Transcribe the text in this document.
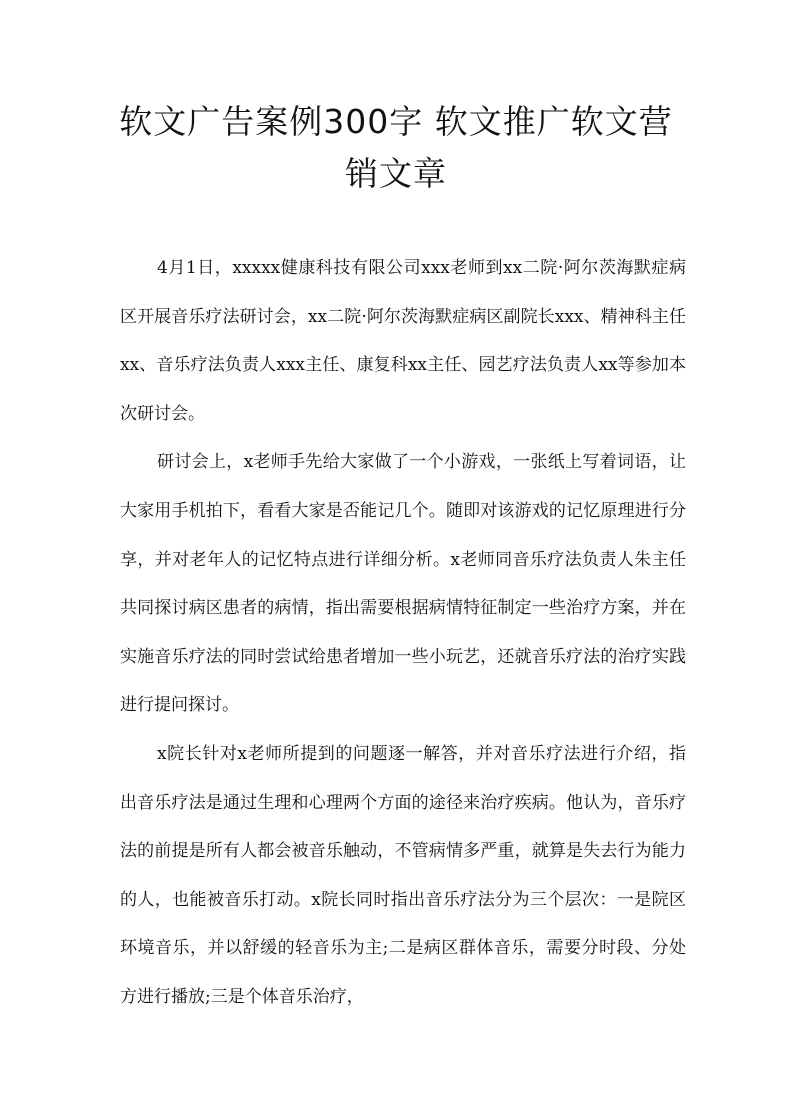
软文广告案例300字 软文推广软文营
销文章

4月1日，xxxxx健康科技有限公司xxx老师到xx二院·阿尔茨海默症病区开展音乐疗法研讨会，xx二院·阿尔茨海默症病区副院长xxx、精神科主任xx、音乐疗法负责人xxx主任、康复科xx主任、园艺疗法负责人xx等参加本次研讨会。

研讨会上，x老师手先给大家做了一个小游戏，一张纸上写着词语，让大家用手机拍下，看看大家是否能记几个。随即对该游戏的记忆原理进行分享，并对老年人的记忆特点进行详细分析。x老师同音乐疗法负责人朱主任共同探讨病区患者的病情，指出需要根据病情特征制定一些治疗方案，并在实施音乐疗法的同时尝试给患者增加一些小玩艺，还就音乐疗法的治疗实践进行提问探讨。

x院长针对x老师所提到的问题逐一解答，并对音乐疗法进行介绍，指出音乐疗法是通过生理和心理两个方面的途径来治疗疾病。他认为，音乐疗法的前提是所有人都会被音乐触动，不管病情多严重，就算是失去行为能力的人，也能被音乐打动。x院长同时指出音乐疗法分为三个层次：一是院区环境音乐，并以舒缓的轻音乐为主;二是病区群体音乐，需要分时段、分处方进行播放;三是个体音乐治疗，
